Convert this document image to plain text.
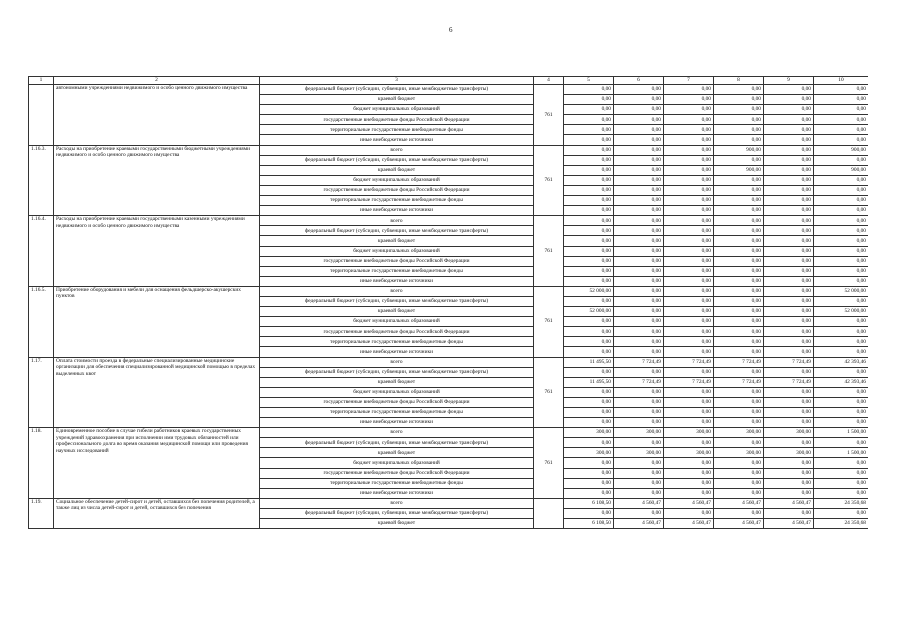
6
1	2	3	4	5	6	7	8	9	10
	автономными учреждениями недвижимого и особо ценного движимого имущества	федеральный бюджет (субсидии, субвенции, иные межбюджетные трансферты)	761	0,00	0,00	0,00	0,00	0,00	0,00
		краевой бюджет		0,00	0,00	0,00	0,00	0,00	0,00
		бюджет муниципальных образований		0,00	0,00	0,00	0,00	0,00	0,00
		государственные внебюджетные фонды Российской Федерации		0,00	0,00	0,00	0,00	0,00	0,00
		территориальные государственные внебюджетные фонды		0,00	0,00	0,00	0,00	0,00	0,00
		иные внебюджетные источники		0,00	0,00	0,00	0,00	0,00	0,00
1.16.3.	Расходы на приобретение краевыми государственными бюджетными учреждениями недвижимого и особо ценного движимого имущества	всего	761	0,00	0,00	0,00	900,00	0,00	900,00
		федеральный бюджет (субсидии, субвенции, иные межбюджетные трансферты)		0,00	0,00	0,00	0,00	0,00	0,00
		краевой бюджет		0,00	0,00	0,00	900,00	0,00	900,00
		бюджет муниципальных образований		0,00	0,00	0,00	0,00	0,00	0,00
		государственные внебюджетные фонды Российской Федерации		0,00	0,00	0,00	0,00	0,00	0,00
		территориальные государственные внебюджетные фонды		0,00	0,00	0,00	0,00	0,00	0,00
		иные внебюджетные источники		0,00	0,00	0,00	0,00	0,00	0,00
1.16.4.	Расходы на приобретение краевыми государственными казенными учреждениями недвижимого и особо ценного движимого имущества	всего	761	0,00	0,00	0,00	0,00	0,00	0,00
		федеральный бюджет (субсидии, субвенции, иные межбюджетные трансферты)		0,00	0,00	0,00	0,00	0,00	0,00
		краевой бюджет		0,00	0,00	0,00	0,00	0,00	0,00
		бюджет муниципальных образований		0,00	0,00	0,00	0,00	0,00	0,00
		государственные внебюджетные фонды Российской Федерации		0,00	0,00	0,00	0,00	0,00	0,00
		территориальные государственные внебюджетные фонды		0,00	0,00	0,00	0,00	0,00	0,00
		иные внебюджетные источники		0,00	0,00	0,00	0,00	0,00	0,00
1.16.5.	Приобретение оборудования и мебели для оснащения фельдшерско-акушерских пунктов	всего	761	52 000,00	0,00	0,00	0,00	0,00	52 000,00
		федеральный бюджет (субсидии, субвенции, иные межбюджетные трансферты)		0,00	0,00	0,00	0,00	0,00	0,00
		краевой бюджет		52 000,00	0,00	0,00	0,00	0,00	52 000,00
		бюджет муниципальных образований		0,00	0,00	0,00	0,00	0,00	0,00
		государственные внебюджетные фонды Российской Федерации		0,00	0,00	0,00	0,00	0,00	0,00
		территориальные государственные внебюджетные фонды		0,00	0,00	0,00	0,00	0,00	0,00
		иные внебюджетные источники		0,00	0,00	0,00	0,00	0,00	0,00
1.17.	Оплата стоимости проезда в федеральные специализированные медицинские организации для обеспечения специализированной медицинской помощью в пределах выделенных квот	всего	761	11 495,50	7 724,49	7 724,49	7 724,49	7 724,49	42 393,46
		федеральный бюджет (субсидии, субвенции, иные межбюджетные трансферты)		0,00	0,00	0,00	0,00	0,00	0,00
		краевой бюджет		11 495,50	7 724,49	7 724,49	7 724,49	7 724,49	42 393,46
		бюджет муниципальных образований		0,00	0,00	0,00	0,00	0,00	0,00
		государственные внебюджетные фонды Российской Федерации		0,00	0,00	0,00	0,00	0,00	0,00
		территориальные государственные внебюджетные фонды		0,00	0,00	0,00	0,00	0,00	0,00
		иные внебюджетные источники		0,00	0,00	0,00	0,00	0,00	0,00
1.18.	Единовременное пособие в случае гибели работников краевых государственных учреждений здравоохранения при исполнении ими трудовых обязанностей или профессионального долга во время оказания медицинской помощи или проведения научных исследований	всего	761	300,00	300,00	300,00	300,00	300,00	1 500,00
		федеральный бюджет (субсидии, субвенции, иные межбюджетные трансферты)		0,00	0,00	0,00	0,00	0,00	0,00
		краевой бюджет		300,00	300,00	300,00	300,00	300,00	1 500,00
		бюджет муниципальных образований		0,00	0,00	0,00	0,00	0,00	0,00
		государственные внебюджетные фонды Российской Федерации		0,00	0,00	0,00	0,00	0,00	0,00
		территориальные государственные внебюджетные фонды		0,00	0,00	0,00	0,00	0,00	0,00
		иные внебюджетные источники		0,00	0,00	0,00	0,00	0,00	0,00
1.19.	Социальное обеспечение детей-сирот и детей, оставшихся без попечения родителей, а также лиц из числа детей-сирот и детей, оставшихся без попечения	всего		6 108,50	4 560,47	4 560,47	4 560,47	4 560,47	24 350,68
		федеральный бюджет (субсидии, субвенции, иные межбюджетные трансферты)		0,00	0,00	0,00	0,00	0,00	0,00
		краевой бюджет		6 108,50	4 560,47	4 560,47	4 560,47	4 560,47	24 350,68
